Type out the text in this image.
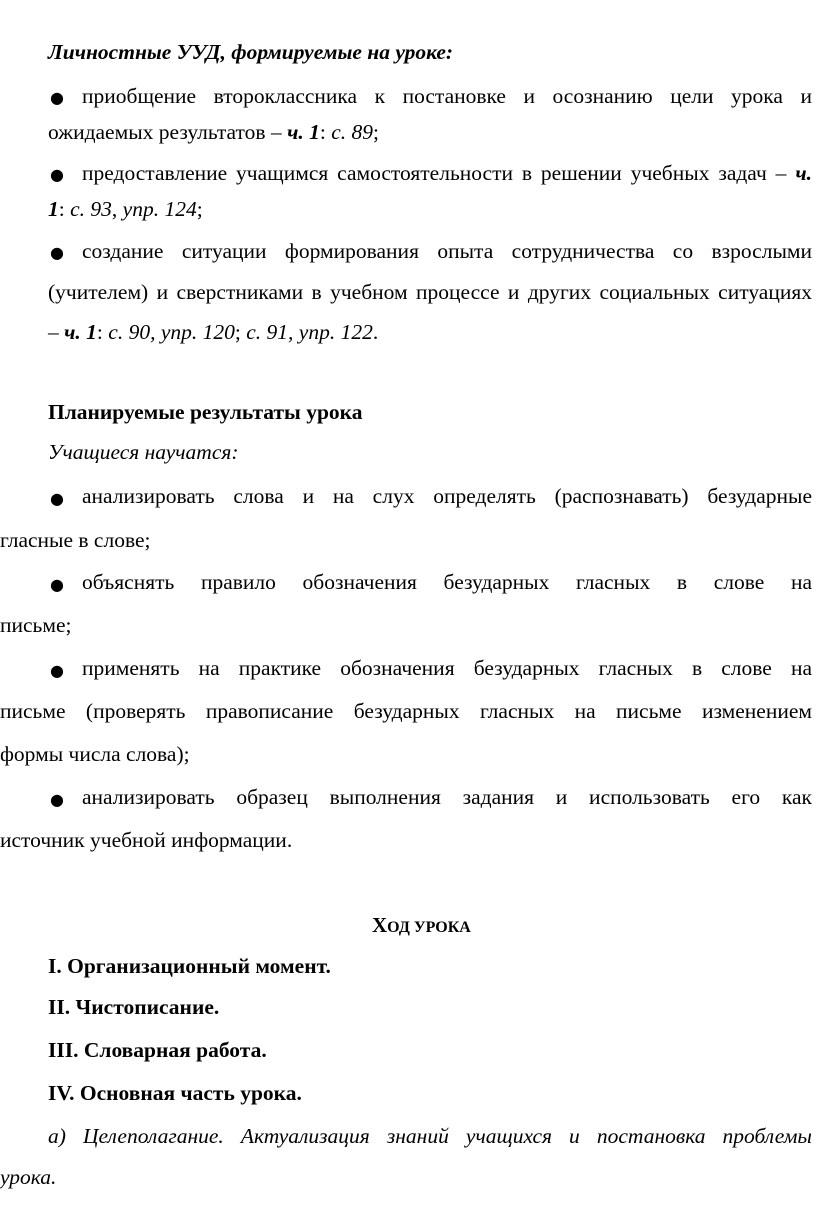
Личностные УУД, формируемые на уроке:
● приобщение второклассника к постановке и осознанию цели урока и
ожидаемых результатов – ч. 1: с. 89;
● предоставление учащимся самостоятельности в решении учебных задач – ч.
1: с. 93, упр. 124;
● создание ситуации формирования опыта сотрудничества со взрослыми
(учителем) и сверстниками в учебном процессе и других социальных ситуациях
– ч. 1: с. 90, упр. 120; с. 91, упр. 122.
Планируемые результаты урока
Учащиеся научатся:
● анализировать слова и на слух определять (распознавать) безударные
гласные в слове;
● объяснять правило обозначения безударных гласных в слове на
письме;
● применять на практике обозначения безударных гласных в слове на
письме (проверять правописание безударных гласных на письме изменением
формы числа слова);
● анализировать образец выполнения задания и использовать его как
источник учебной информации.
ХОД УРОКА
I. Организационный момент.
II. Чистописание.
III. Словарная работа.
IV. Основная часть урока.
а) Целеполагание. Актуализация знаний учащихся и постановка проблемы
урока.
